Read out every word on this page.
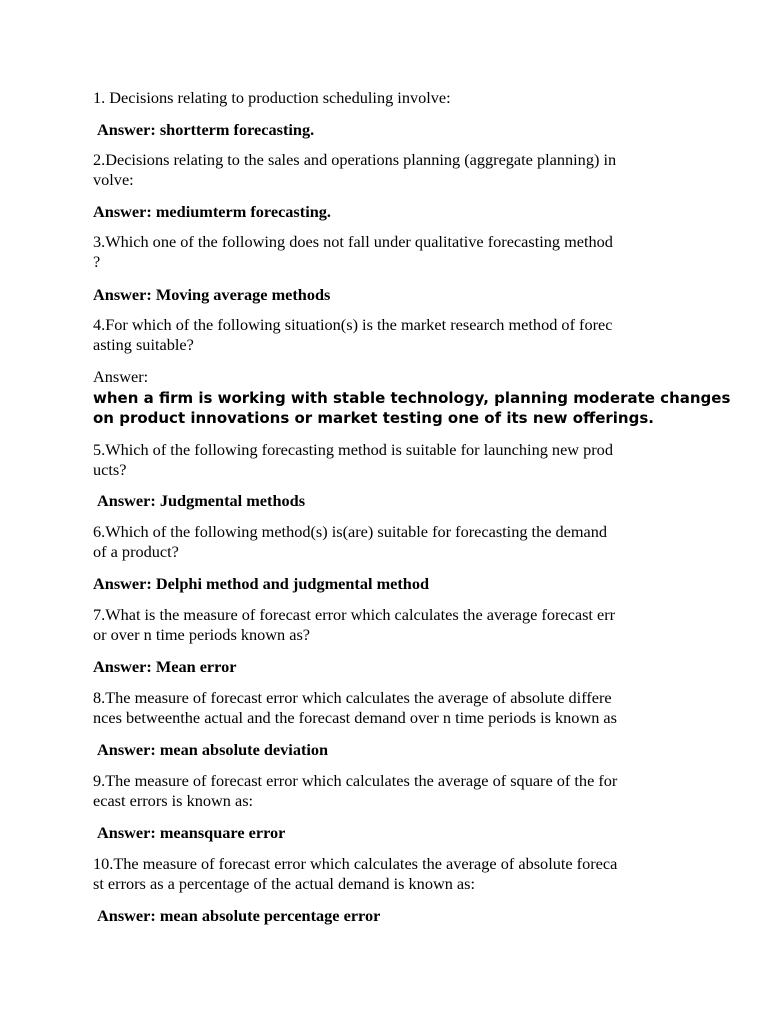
1. Decisions relating to production scheduling involve:
Answer: shortterm forecasting.
2.Decisions relating to the sales and operations planning (aggregate planning) in
volve:
Answer: mediumterm forecasting.
3.Which one of the following does not fall under qualitative forecasting method
?
Answer: Moving average methods
4.For which of the following situation(s) is the market research method of forec
asting suitable?
Answer:
when a firm is working with stable technology, planning moderate changes
on product innovations or market testing one of its new offerings.
5.Which of the following forecasting method is suitable for launching new prod
ucts?
Answer: Judgmental methods
6.Which of the following method(s) is(are) suitable for forecasting the demand
of a product?
Answer: Delphi method and judgmental method
7.What is the measure of forecast error which calculates the average forecast err
or over n time periods known as?
Answer: Mean error
8.The measure of forecast error which calculates the average of absolute differe
nces betweenthe actual and the forecast demand over n time periods is known as
Answer: mean absolute deviation
9.The measure of forecast error which calculates the average of square of the for
ecast errors is known as:
Answer: meansquare error
10.The measure of forecast error which calculates the average of absolute foreca
st errors as a percentage of the actual demand is known as:
Answer: mean absolute percentage error
